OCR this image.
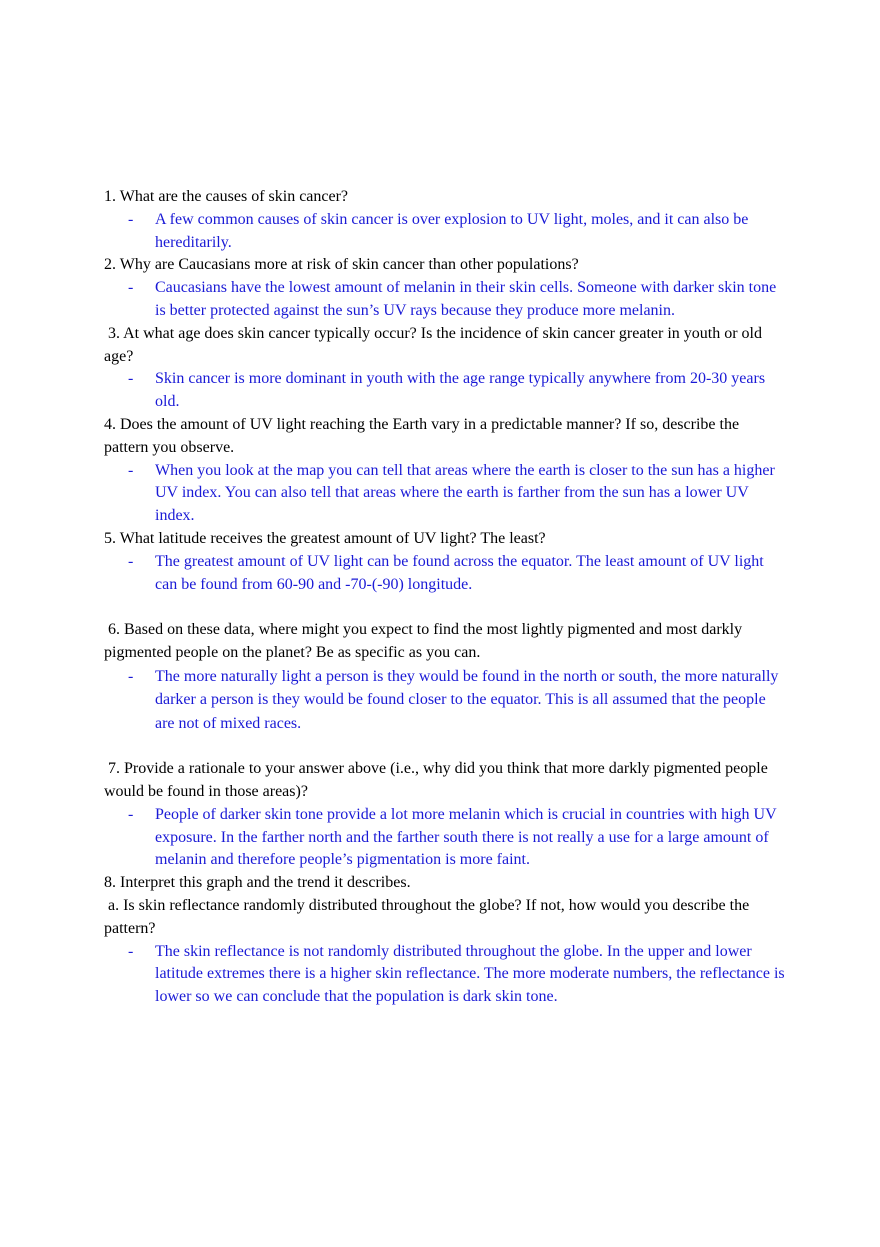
1. What are the causes of skin cancer?
- A few common causes of skin cancer is over explosion to UV light, moles, and it can also be hereditarily.
2. Why are Caucasians more at risk of skin cancer than other populations?
- Caucasians have the lowest amount of melanin in their skin cells. Someone with darker skin tone is better protected against the sun’s UV rays because they produce more melanin.
3. At what age does skin cancer typically occur? Is the incidence of skin cancer greater in youth or old age?
- Skin cancer is more dominant in youth with the age range typically anywhere from 20-30 years old.
4. Does the amount of UV light reaching the Earth vary in a predictable manner? If so, describe the pattern you observe.
- When you look at the map you can tell that areas where the earth is closer to the sun has a higher UV index. You can also tell that areas where the earth is farther from the sun has a lower UV index.
5. What latitude receives the greatest amount of UV light? The least?
- The greatest amount of UV light can be found across the equator. The least amount of UV light can be found from 60-90 and -70-(-90) longitude.
6. Based on these data, where might you expect to find the most lightly pigmented and most darkly pigmented people on the planet? Be as specific as you can.
- The more naturally light a person is they would be found in the north or south, the more naturally darker a person is they would be found closer to the equator. This is all assumed that the people are not of mixed races.
7. Provide a rationale to your answer above (i.e., why did you think that more darkly pigmented people would be found in those areas)?
- People of darker skin tone provide a lot more melanin which is crucial in countries with high UV exposure. In the farther north and the farther south there is not really a use for a large amount of melanin and therefore people’s pigmentation is more faint.
8. Interpret this graph and the trend it describes.
a. Is skin reflectance randomly distributed throughout the globe? If not, how would you describe the pattern?
- The skin reflectance is not randomly distributed throughout the globe. In the upper and lower latitude extremes there is a higher skin reflectance. The more moderate numbers, the reflectance is lower so we can conclude that the population is dark skin tone.
